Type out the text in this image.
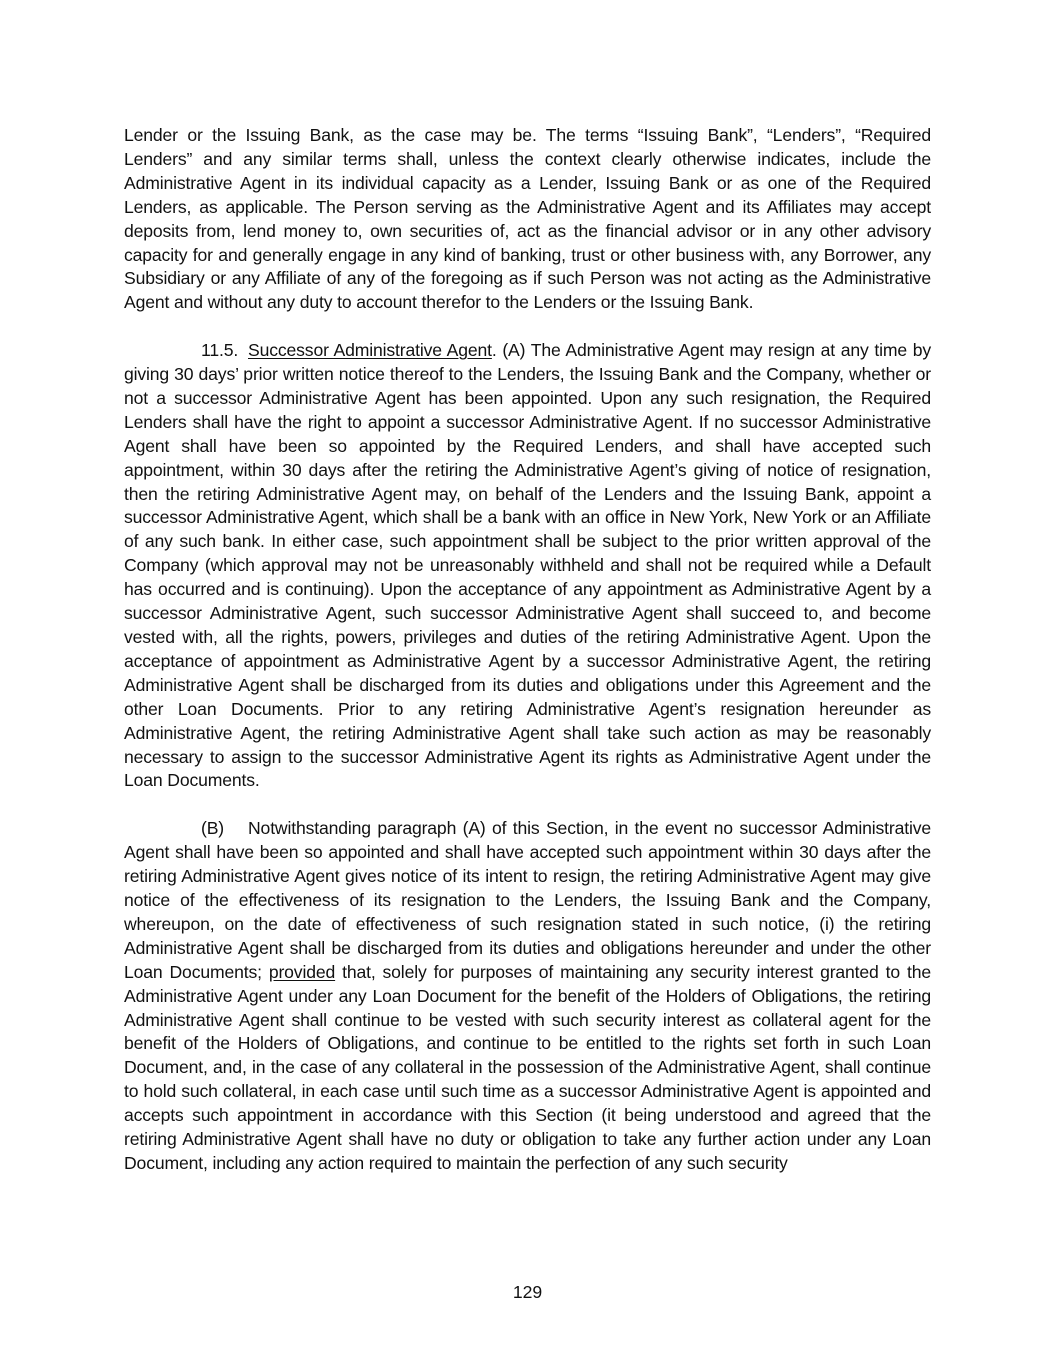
Lender or the Issuing Bank, as the case may be. The terms “Issuing Bank”, “Lenders”, “Required Lenders” and any similar terms shall, unless the context clearly otherwise indicates, include the Administrative Agent in its individual capacity as a Lender, Issuing Bank or as one of the Required Lenders, as applicable. The Person serving as the Administrative Agent and its Affiliates may accept deposits from, lend money to, own securities of, act as the financial advisor or in any other advisory capacity for and generally engage in any kind of banking, trust or other business with, any Borrower, any Subsidiary or any Affiliate of any of the foregoing as if such Person was not acting as the Administrative Agent and without any duty to account therefor to the Lenders or the Issuing Bank.

11.5. Successor Administrative Agent. (A) The Administrative Agent may resign at any time by giving 30 days’ prior written notice thereof to the Lenders, the Issuing Bank and the Company, whether or not a successor Administrative Agent has been appointed. Upon any such resignation, the Required Lenders shall have the right to appoint a successor Administrative Agent. If no successor Administrative Agent shall have been so appointed by the Required Lenders, and shall have accepted such appointment, within 30 days after the retiring the Administrative Agent’s giving of notice of resignation, then the retiring Administrative Agent may, on behalf of the Lenders and the Issuing Bank, appoint a successor Administrative Agent, which shall be a bank with an office in New York, New York or an Affiliate of any such bank. In either case, such appointment shall be subject to the prior written approval of the Company (which approval may not be unreasonably withheld and shall not be required while a Default has occurred and is continuing). Upon the acceptance of any appointment as Administrative Agent by a successor Administrative Agent, such successor Administrative Agent shall succeed to, and become vested with, all the rights, powers, privileges and duties of the retiring Administrative Agent. Upon the acceptance of appointment as Administrative Agent by a successor Administrative Agent, the retiring Administrative Agent shall be discharged from its duties and obligations under this Agreement and the other Loan Documents. Prior to any retiring Administrative Agent’s resignation hereunder as Administrative Agent, the retiring Administrative Agent shall take such action as may be reasonably necessary to assign to the successor Administrative Agent its rights as Administrative Agent under the Loan Documents.

(B) Notwithstanding paragraph (A) of this Section, in the event no successor Administrative Agent shall have been so appointed and shall have accepted such appointment within 30 days after the retiring Administrative Agent gives notice of its intent to resign, the retiring Administrative Agent may give notice of the effectiveness of its resignation to the Lenders, the Issuing Bank and the Company, whereupon, on the date of effectiveness of such resignation stated in such notice, (i) the retiring Administrative Agent shall be discharged from its duties and obligations hereunder and under the other Loan Documents; provided that, solely for purposes of maintaining any security interest granted to the Administrative Agent under any Loan Document for the benefit of the Holders of Obligations, the retiring Administrative Agent shall continue to be vested with such security interest as collateral agent for the benefit of the Holders of Obligations, and continue to be entitled to the rights set forth in such Loan Document, and, in the case of any collateral in the possession of the Administrative Agent, shall continue to hold such collateral, in each case until such time as a successor Administrative Agent is appointed and accepts such appointment in accordance with this Section (it being understood and agreed that the retiring Administrative Agent shall have no duty or obligation to take any further action under any Loan Document, including any action required to maintain the perfection of any such security

129
